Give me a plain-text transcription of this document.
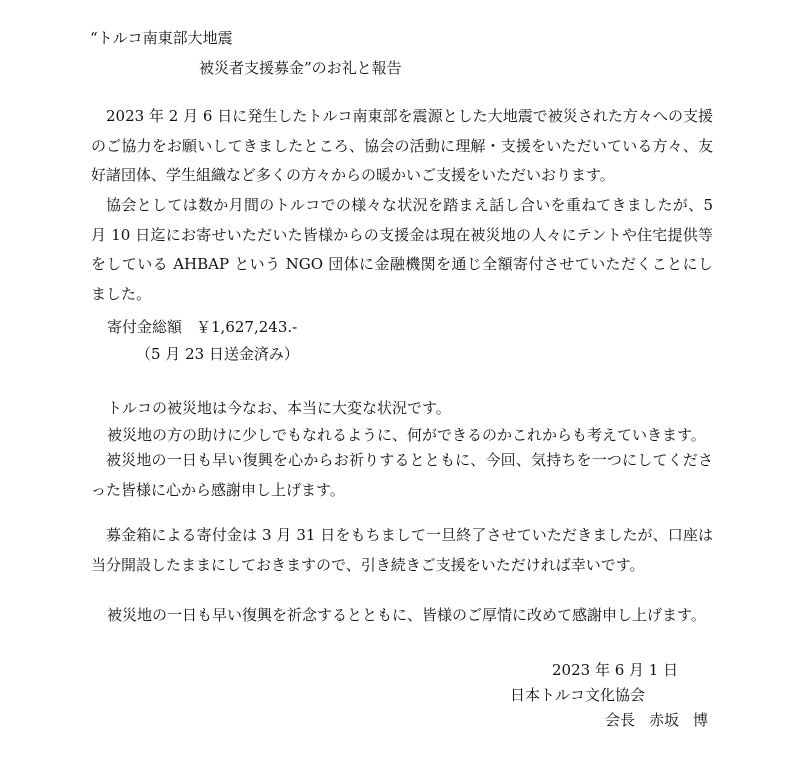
“トルコ南東部大地震
被災者支援募金”のお礼と報告
2023 年 2 月 6 日に発生したトルコ南東部を震源とした大地震で被災された方々への支援のご協力をお願いしてきましたところ、協会の活動に理解・支援をいただいている方々、友好諸団体、学生組織など多くの方々からの暖かいご支援をいただいおります。
協会としては数か月間のトルコでの様々な状況を踏まえ話し合いを重ねてきましたが、5 月 10 日迄にお寄せいただいた皆様からの支援金は現在被災地の人々にテントや住宅提供等をしている AHBAP という NGO 団体に金融機関を通じ全額寄付させていただくことにしました。
寄付金総額 ￥1,627,243.-
（5 月 23 日送金済み）
トルコの被災地は今なお、本当に大変な状況です。
被災地の方の助けに少しでもなれるように、何ができるのかこれからも考えていきます。
被災地の一日も早い復興を心からお祈りするとともに、今回、気持ちを一つにしてくださった皆様に心から感謝申し上げます。
募金箱による寄付金は 3 月 31 日をもちまして一旦終了させていただきましたが、口座は当分開設したままにしておきますので、引き続きご支援をいただければ幸いです。
被災地の一日も早い復興を祈念するとともに、皆様のご厚情に改めて感謝申し上げます。
2023 年 6 月 1 日
日本トルコ文化協会
会長 赤坂 博
